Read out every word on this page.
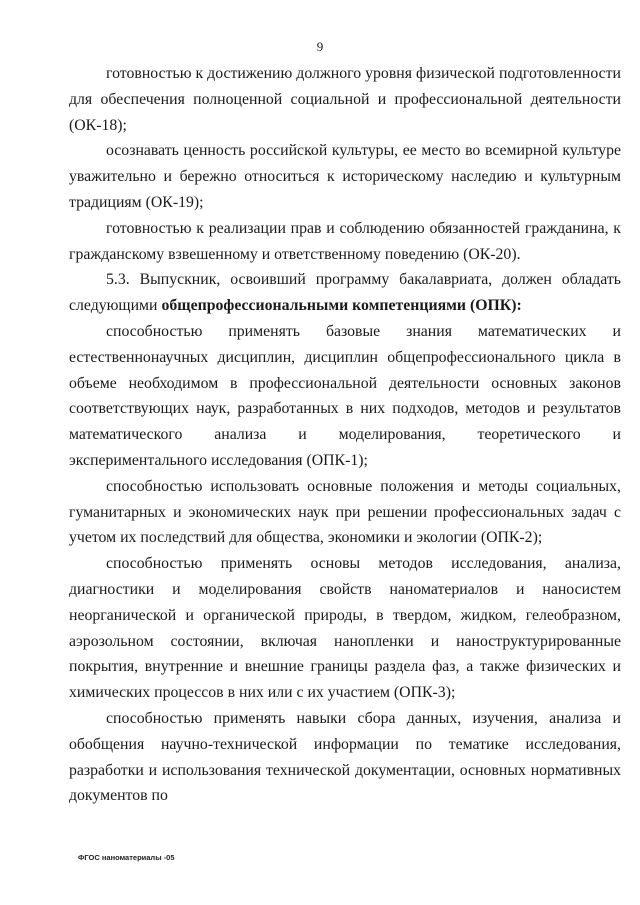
9

готовностью к достижению должного уровня физической подготовленности для обеспечения полноценной социальной и профессиональной деятельности (ОК-18);

осознавать ценность российской культуры, ее место во всемирной культуре уважительно и бережно относиться к историческому наследию и культурным традициям (ОК-19);

готовностью к реализации прав и соблюдению обязанностей гражданина, к гражданскому взвешенному и ответственному поведению (ОК-20).

5.3. Выпускник, освоивший программу бакалавриата, должен обладать следующими общепрофессиональными компетенциями (ОПК):

способностью применять базовые знания математических и естественнонаучных дисциплин, дисциплин общепрофессионального цикла в объеме необходимом в профессиональной деятельности основных законов соответствующих наук, разработанных в них подходов, методов и результатов математического анализа и моделирования, теоретического и экспериментального исследования (ОПК-1);

способностью использовать основные положения и методы социальных, гуманитарных и экономических наук при решении профессиональных задач с учетом их последствий для общества, экономики и экологии (ОПК-2);

способностью применять основы методов исследования, анализа, диагностики и моделирования свойств наноматериалов и наносистем неорганической и органической природы, в твердом, жидком, гелеобразном, аэрозольном состоянии, включая нанопленки и наноструктурированные покрытия, внутренние и внешние границы раздела фаз, а также физических и химических процессов в них или с их участием (ОПК-3);

способностью применять навыки сбора данных, изучения, анализа и обобщения научно-технической информации по тематике исследования, разработки и использования технической документации, основных нормативных документов по

ФГОС наноматериалы -05
